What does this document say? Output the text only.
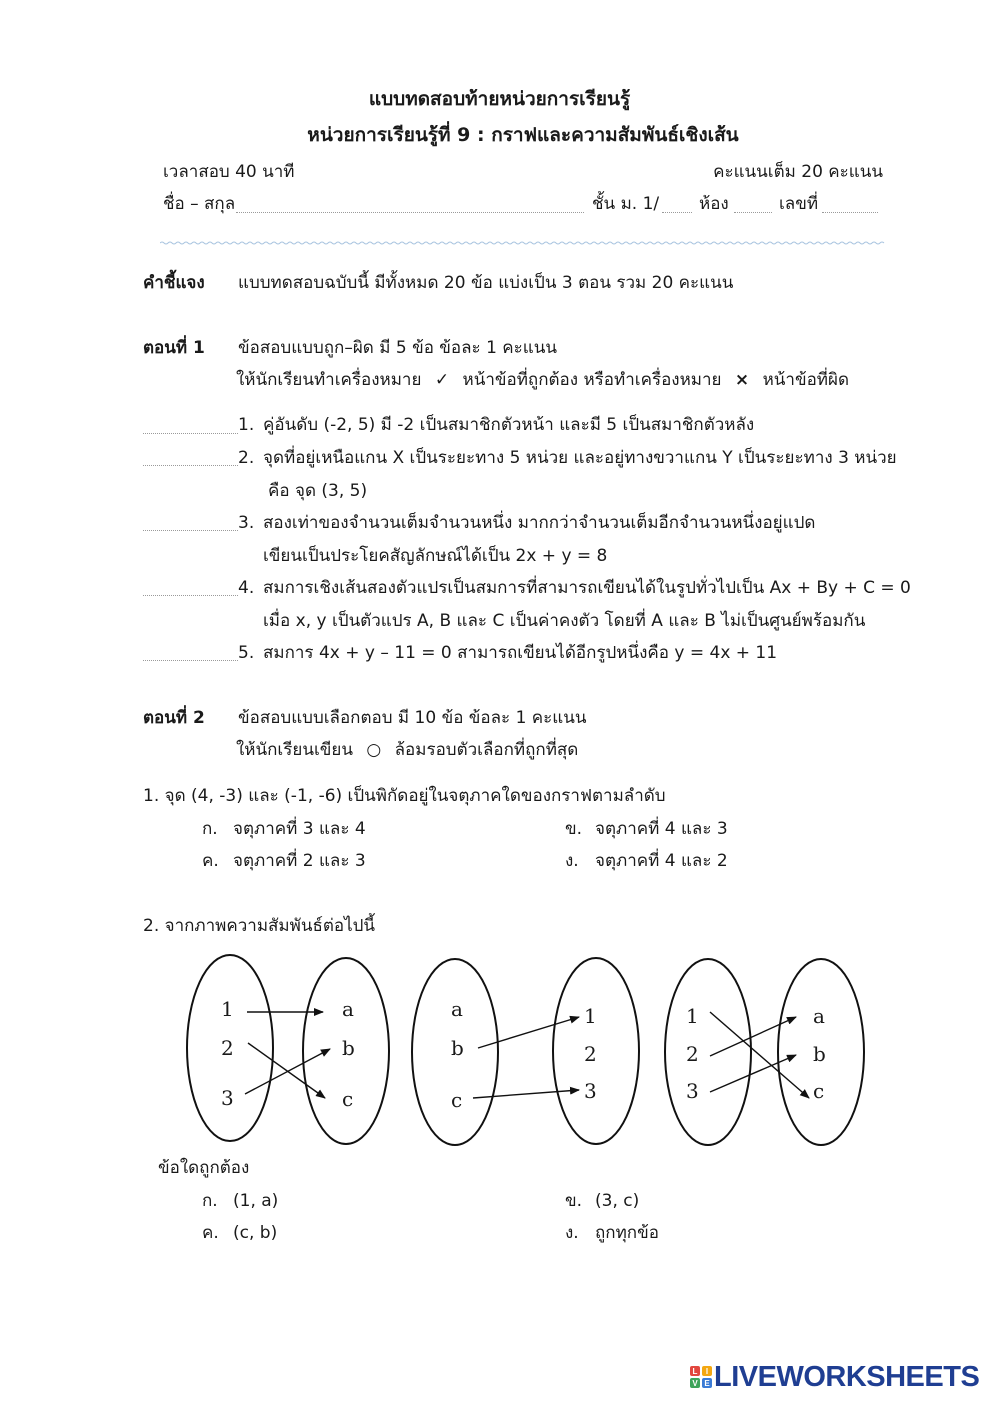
แบบทดสอบท้ายหน่วยการเรียนรู้
หน่วยการเรียนรู้ที่ 9 : กราฟและความสัมพันธ์เชิงเส้น
เวลาสอบ 40 นาที	คะแนนเต็ม 20 คะแนน
ชื่อ – สกุล	ชั้น ม. 1/ ห้อง	เลขที่
คำชี้แจง แบบทดสอบฉบับนี้ มีทั้งหมด 20 ข้อ แบ่งเป็น 3 ตอน รวม 20 คะแนน
ตอนที่ 1 ข้อสอบแบบถูก–ผิด มี 5 ข้อ ข้อละ 1 คะแนน
ให้นักเรียนทำเครื่องหมาย ✓ หน้าข้อที่ถูกต้อง หรือทำเครื่องหมาย × หน้าข้อที่ผิด
1. คู่อันดับ (-2, 5) มี -2 เป็นสมาชิกตัวหน้า และมี 5 เป็นสมาชิกตัวหลัง
2. จุดที่อยู่เหนือแกน X เป็นระยะทาง 5 หน่วย และอยู่ทางขวาแกน Y เป็นระยะทาง 3 หน่วย
คือ จุด (3, 5)
3. สองเท่าของจำนวนเต็มจำนวนหนึ่ง มากกว่าจำนวนเต็มอีกจำนวนหนึ่งอยู่แปด
เขียนเป็นประโยคสัญลักษณ์ได้เป็น 2x + y = 8
4. สมการเชิงเส้นสองตัวแปรเป็นสมการที่สามารถเขียนได้ในรูปทั่วไปเป็น Ax + By + C = 0
เมื่อ x, y เป็นตัวแปร A, B และ C เป็นค่าคงตัว โดยที่ A และ B ไม่เป็นศูนย์พร้อมกัน
5. สมการ 4x + y – 11 = 0 สามารถเขียนได้อีกรูปหนึ่งคือ y = 4x + 11
ตอนที่ 2 ข้อสอบแบบเลือกตอบ มี 10 ข้อ ข้อละ 1 คะแนน
ให้นักเรียนเขียน ○ ล้อมรอบตัวเลือกที่ถูกที่สุด
1. จุด (4, -3) และ (-1, -6) เป็นพิกัดอยู่ในจตุภาคใดของกราฟตามลำดับ
ก. จตุภาคที่ 3 และ 4	ข. จตุภาคที่ 4 และ 3
ค. จตุภาคที่ 2 และ 3	ง. จตุภาคที่ 4 และ 2
2. จากภาพความสัมพันธ์ต่อไปนี้
1
2
3
a
b
c
a
b
c
1
2
3
1
2
3
a
b
c
ข้อใดถูกต้อง
ก. (1, a)	ข. (3, c)
ค. (c, b)	ง. ถูกทุกข้อ
L	I
V E LIVEWORKSHEETS
